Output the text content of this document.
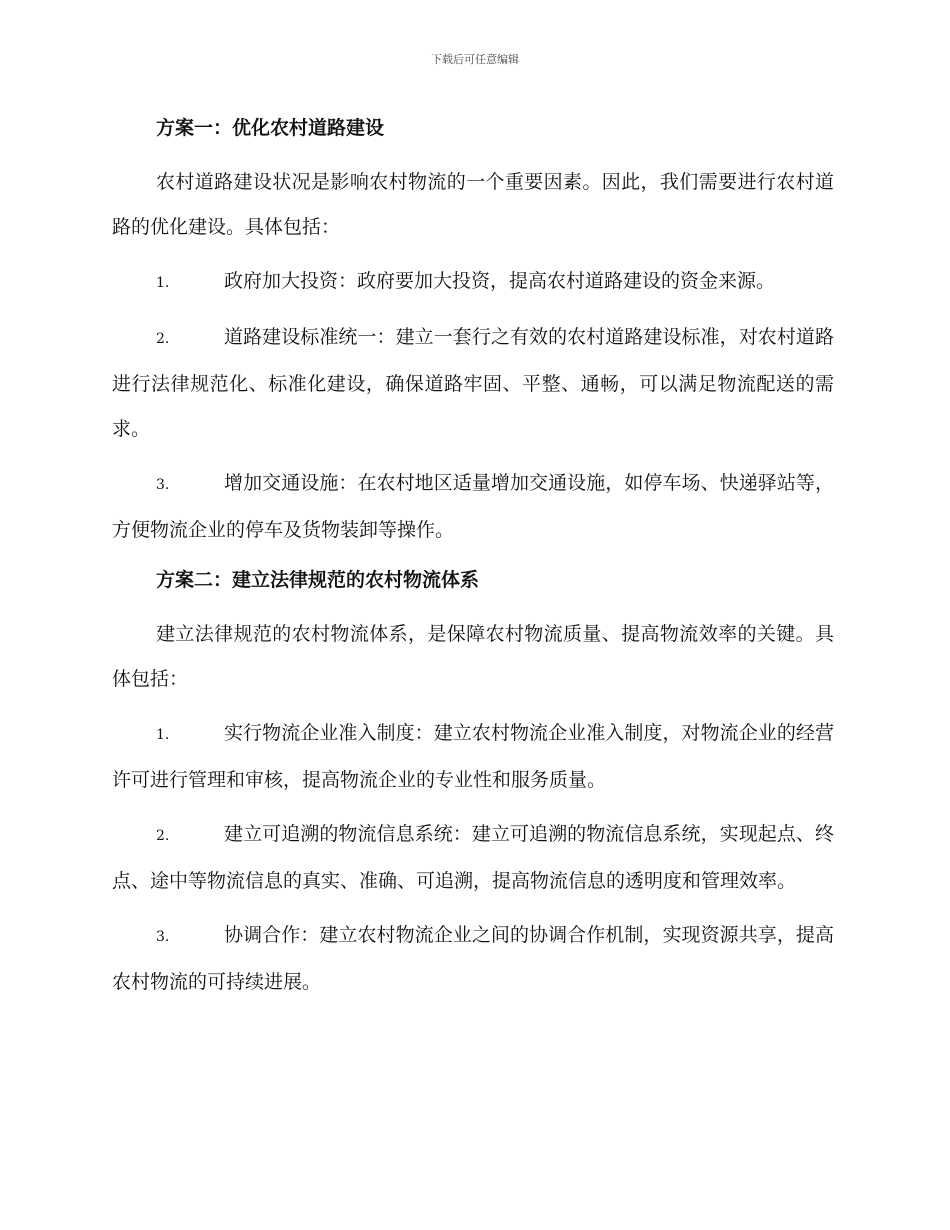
下载后可任意编辑
方案一：优化农村道路建设

农村道路建设状况是影响农村物流的一个重要因素。因此，我们需要进行农村道路的优化建设。具体包括：

1.	政府加大投资：政府要加大投资，提高农村道路建设的资金来源。

2.	道路建设标准统一：建立一套行之有效的农村道路建设标准，对农村道路进行法律规范化、标准化建设，确保道路牢固、平整、通畅，可以满足物流配送的需求。

3.	增加交通设施：在农村地区适量增加交通设施，如停车场、快递驿站等，方便物流企业的停车及货物装卸等操作。

方案二：建立法律规范的农村物流体系

建立法律规范的农村物流体系，是保障农村物流质量、提高物流效率的关键。具体包括：

1.	实行物流企业准入制度：建立农村物流企业准入制度，对物流企业的经营许可进行管理和审核，提高物流企业的专业性和服务质量。

2.	建立可追溯的物流信息系统：建立可追溯的物流信息系统，实现起点、终点、途中等物流信息的真实、准确、可追溯，提高物流信息的透明度和管理效率。

3.	协调合作：建立农村物流企业之间的协调合作机制，实现资源共享，提高农村物流的可持续进展。
